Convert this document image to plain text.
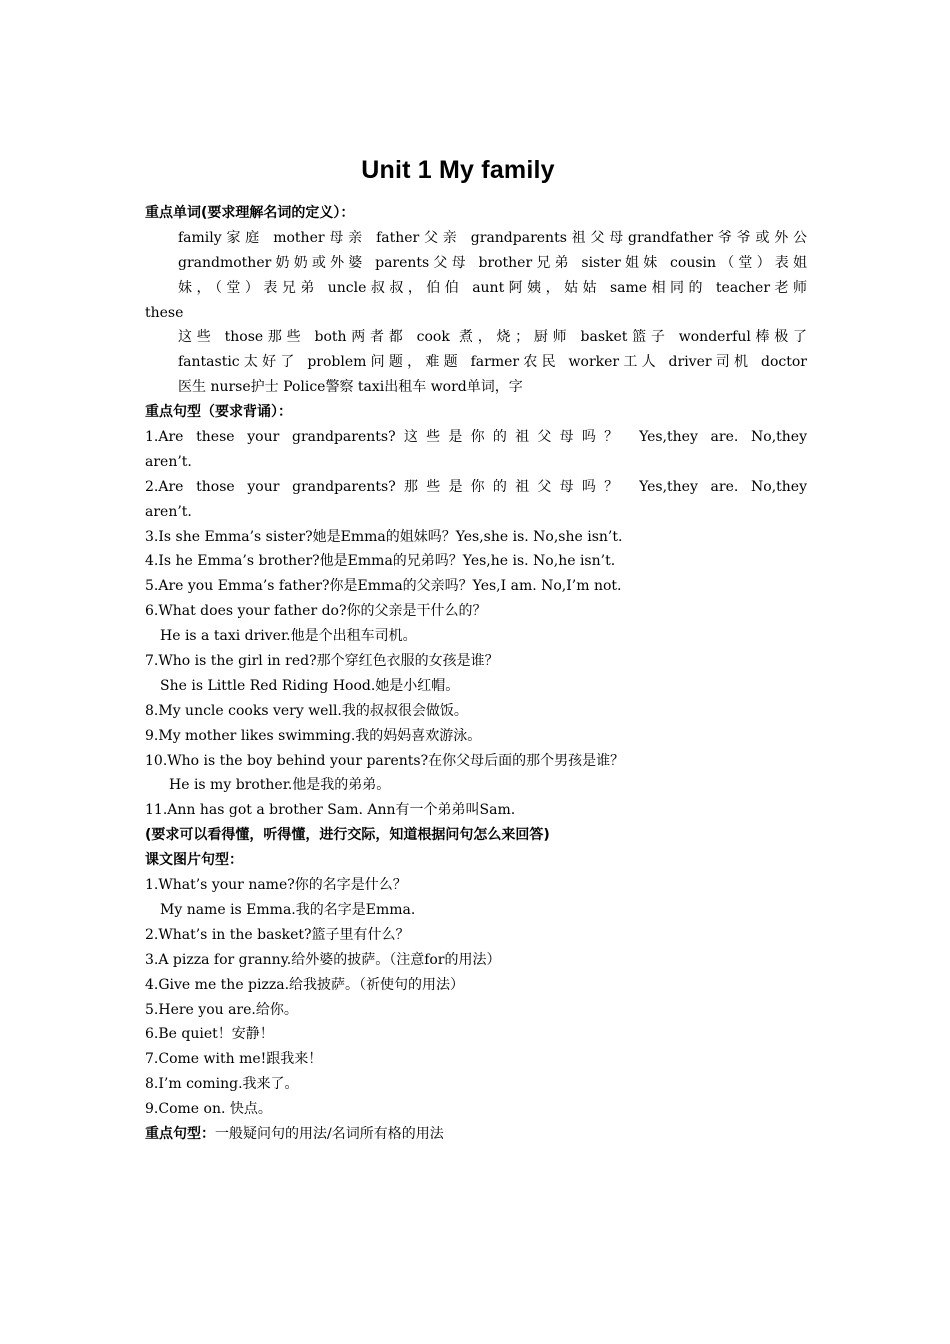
Unit 1 My family
重点单词(要求理解名词的定义）：
family家庭 mother母亲 father父亲 grandparents祖父母grandfather爷爷或外公
grandmother奶奶或外婆 parents父母 brother兄弟 sister姐妹 cousin（堂）表姐
妹，（堂）表兄弟 uncle叔叔，伯伯 aunt阿姨，姑姑 same相同的 teacher老师
these
这些 those那些 both两者都 cook 煮，烧；厨师 basket篮子 wonderful棒极了
fantastic太好了 problem问题，难题 farmer农民 worker工人 driver司机 doctor
医生 nurse护士 Police警察 taxi出租车 word单词，字
重点句型（要求背诵）：
1.Are these your grandparents?这些是你的祖父母吗？ Yes,they are. No,they
aren’t.
2.Are those your grandparents?那些是你的祖父母吗？ Yes,they are. No,they
aren’t.
3.Is she Emma’s sister?她是Emma的姐妹吗？Yes,she is. No,she isn’t.
4.Is he Emma’s brother?他是Emma的兄弟吗？Yes,he is. No,he isn’t.
5.Are you Emma’s father?你是Emma的父亲吗？Yes,I am. No,I’m not.
6.What does your father do?你的父亲是干什么的？
He is a taxi driver.他是个出租车司机。
7.Who is the girl in red?那个穿红色衣服的女孩是谁？
She is Little Red Riding Hood.她是小红帽。
8.My uncle cooks very well.我的叔叔很会做饭。
9.My mother likes swimming.我的妈妈喜欢游泳。
10.Who is the boy behind your parents?在你父母后面的那个男孩是谁？
He is my brother.他是我的弟弟。
11.Ann has got a brother Sam. Ann有一个弟弟叫Sam.
(要求可以看得懂，听得懂，进行交际，知道根据问句怎么来回答)
课文图片句型：
1.What’s your name?你的名字是什么？
My name is Emma.我的名字是Emma.
2.What’s in the basket?篮子里有什么？
3.A pizza for granny.给外婆的披萨。（注意for的用法）
4.Give me the pizza.给我披萨。（祈使句的用法）
5.Here you are.给你。
6.Be quiet！安静！
7.Come with me!跟我来！
8.I’m coming.我来了。
9.Come on. 快点。
重点句型：一般疑问句的用法/名词所有格的用法
